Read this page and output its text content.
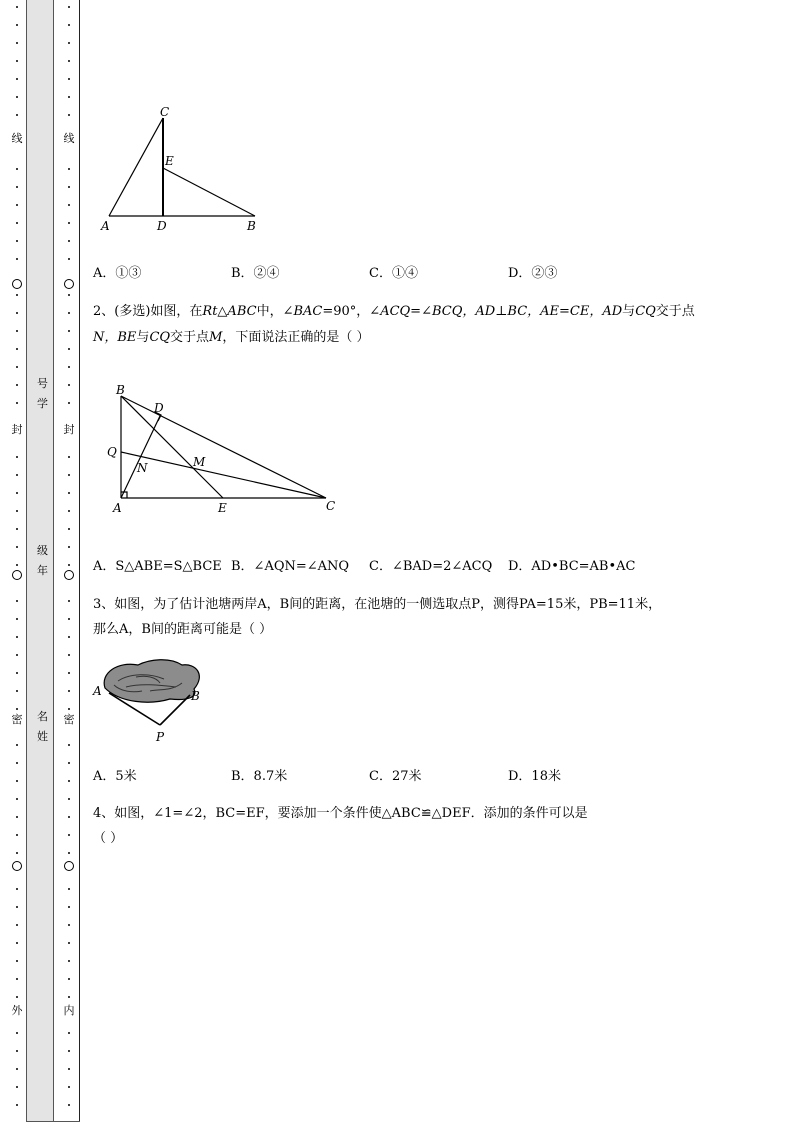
线
封
密
外
线
封
密
内
号
学
级
年
名
姓
C
E
A	D	B
A．①③	B．②④	C．①④	D．②③
2、(多选)如图，在Rt△ABC中，∠BAC=90°，∠ACQ=∠BCQ，AD⊥BC，AE=CE，AD与CQ交于点
N，BE与CQ交于点M，下面说法正确的是（ ）
B
D
Q
N	M
A	E	C
A．S△ABE=S△BCE B．∠AQN=∠ANQ C．∠BAD=2∠ACQ D．AD•BC=AB•AC
3、如图，为了估计池塘两岸A，B间的距离，在池塘的一侧选取点P，测得PA=15米，PB=11米，
那么A，B间的距离可能是（ ）
A	B
P
A．5米	B．8.7米	C．27米	D．18米
4、如图，∠1=∠2，BC=EF，要添加一个条件使△ABC≌△DEF．添加的条件可以是
（ ）
